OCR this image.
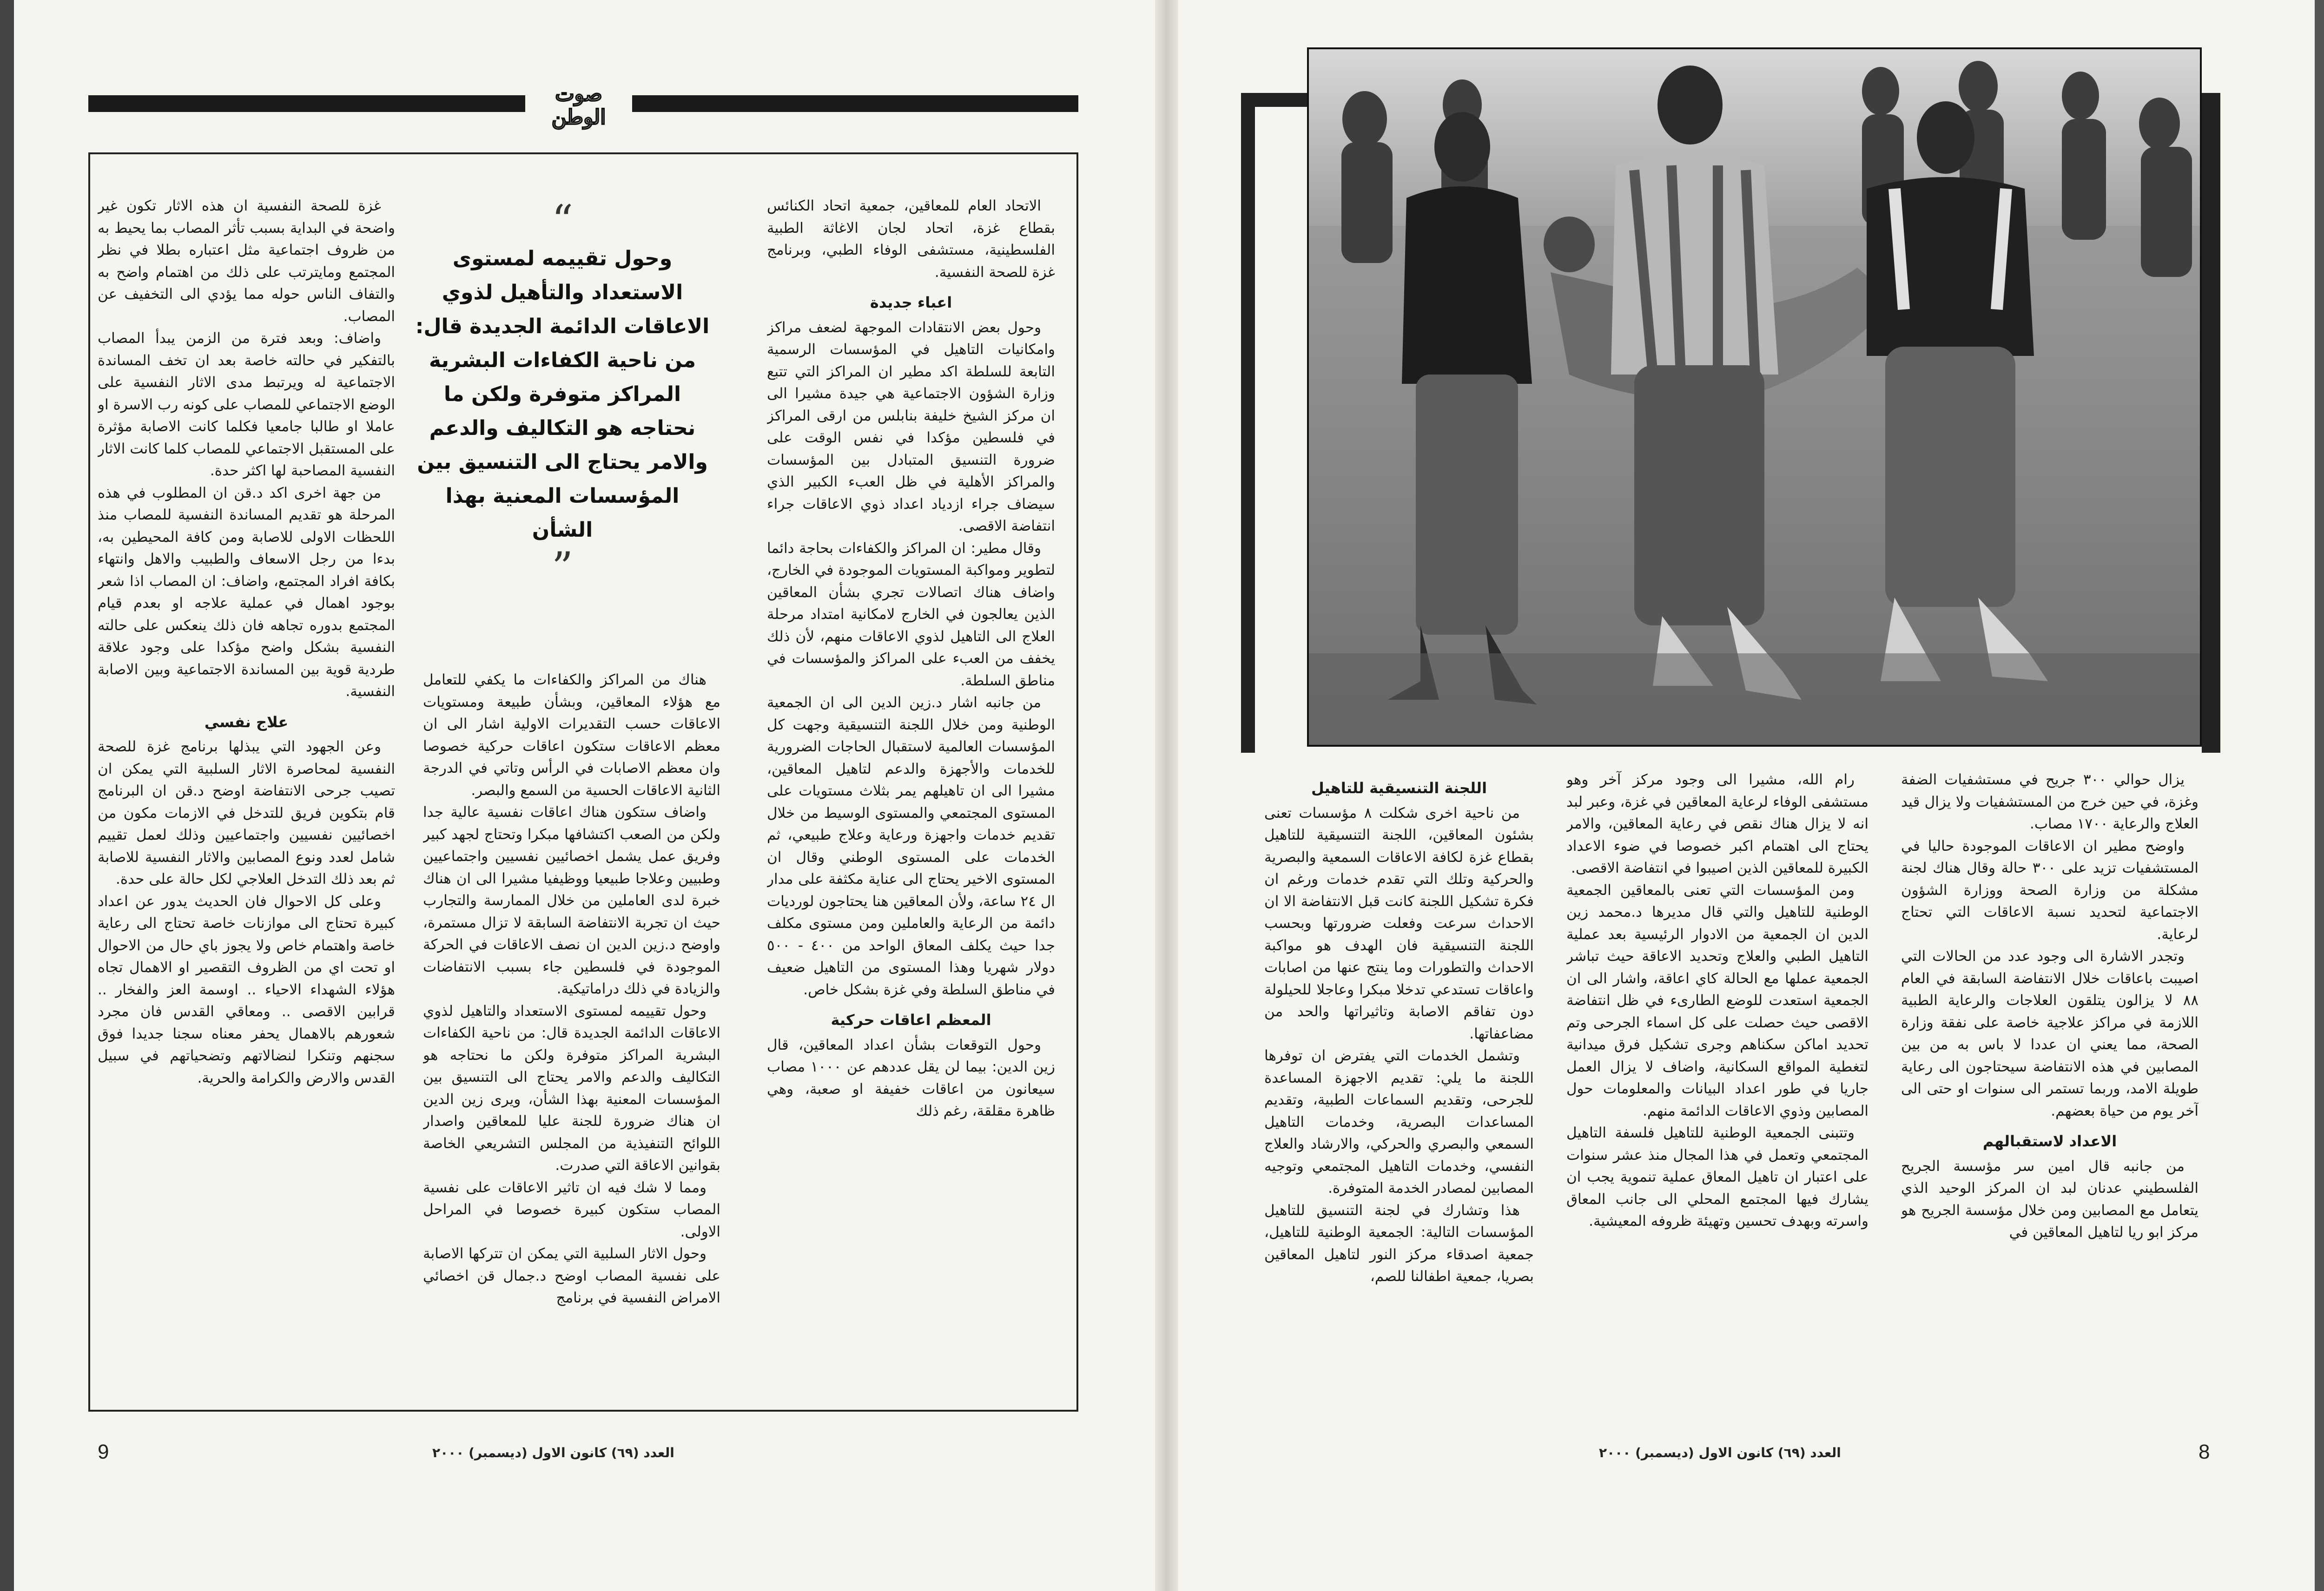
صوت
الوطن

الاتحاد العام للمعاقين، جمعية اتحاد الكنائس بقطاع غزة، اتحاد لجان الاغاثة الطبية الفلسطينية، مستشفى الوفاء الطبي، وبرنامج غزة للصحة النفسية.

اعباء جديدة

وحول بعض الانتقادات الموجهة لضعف مراكز وامكانيات التاهيل في المؤسسات الرسمية التابعة للسلطة اكد مطير ان المراكز التي تتبع وزارة الشؤون الاجتماعية هي جيدة مشيرا الى ان مركز الشيخ خليفة بنابلس من ارقى المراكز في فلسطين مؤكدا في نفس الوقت على ضرورة التنسيق المتبادل بين المؤسسات والمراكز الأهلية في ظل العبء الكبير الذي سيضاف جراء ازدياد اعداد ذوي الاعاقات جراء انتفاضة الاقصى.

وقال مطير: ان المراكز والكفاءات بحاجة دائما لتطوير ومواكبة المستويات الموجودة في الخارج، واضاف هناك اتصالات تجري بشأن المعاقين الذين يعالجون في الخارج لامكانية امتداد مرحلة العلاج الى التاهيل لذوي الاعاقات منهم، لأن ذلك يخفف من العبء على المراكز والمؤسسات في مناطق السلطة.

من جانبه اشار د.زين الدين الى ان الجمعية الوطنية ومن خلال اللجنة التنسيقية وجهت كل المؤسسات العالمية لاستقبال الحاجات الضرورية للخدمات والأجهزة والدعم لتاهيل المعاقين، مشيرا الى ان تاهيلهم يمر بثلاث مستويات على المستوى المجتمعي والمستوى الوسيط من خلال تقديم خدمات واجهزة ورعاية وعلاج طبيعي، ثم الخدمات على المستوى الوطني وقال ان المستوى الاخير يحتاج الى عناية مكثفة على مدار ال ٢٤ ساعة، ولأن المعاقين هنا يحتاجون لورديات دائمة من الرعاية والعاملين ومن مستوى مكلف جدا حيث يكلف المعاق الواحد من ٤٠٠ - ٥٠٠ دولار شهريا وهذا المستوى من التاهيل ضعيف في مناطق السلطة وفي غزة بشكل خاص.

المعظم اعاقات حركية

وحول التوقعات بشأن اعداد المعاقين، قال زين الدين: بيما لن يقل عددهم عن ١٠٠٠ مصاب سيعانون من اعاقات خفيفة او صعبة، وهي ظاهرة مقلقة، رغم ذلك

“
وحول تقييمه لمستوى الاستعداد والتأهيل لذوي الاعاقات الدائمة الجديدة قال: من ناحية الكفاءات البشرية المراكز متوفرة ولكن ما نحتاجه هو التكاليف والدعم والامر يحتاج الى التنسيق بين المؤسسات المعنية بهذا الشأن
”

هناك من المراكز والكفاءات ما يكفي للتعامل مع هؤلاء المعاقين، وبشأن طبيعة ومستويات الاعاقات حسب التقديرات الاولية اشار الى ان معظم الاعاقات ستكون اعاقات حركية خصوصا وان معظم الاصابات في الرأس وتاتي في الدرجة الثانية الاعاقات الحسية من السمع والبصر.

واضاف ستكون هناك اعاقات نفسية عالية جدا ولكن من الصعب اكتشافها مبكرا وتحتاج لجهد كبير وفريق عمل يشمل اخصائيين نفسيين واجتماعيين وطبيين وعلاجا طبيعيا ووظيفيا مشيرا الى ان هناك خبرة لدى العاملين من خلال الممارسة والتجارب حيث ان تجربة الانتفاضة السابقة لا تزال مستمرة، واوضح د.زين الدين ان نصف الاعاقات في الحركة الموجودة في فلسطين جاء بسبب الانتفاضات والزيادة في ذلك دراماتيكية.

وحول تقييمه لمستوى الاستعداد والتاهيل لذوي الاعاقات الدائمة الجديدة قال: من ناحية الكفاءات البشرية المراكز متوفرة ولكن ما نحتاجه هو التكاليف والدعم والامر يحتاج الى التنسيق بين المؤسسات المعنية بهذا الشأن، ويرى زين الدين ان هناك ضرورة للجنة عليا للمعاقين واصدار اللوائح التنفيذية من المجلس التشريعي الخاصة بقوانين الاعاقة التي صدرت.

ومما لا شك فيه ان تاثير الاعاقات على نفسية المصاب ستكون كبيرة خصوصا في المراحل الاولى.

وحول الاثار السلبية التي يمكن ان تتركها الاصابة على نفسية المصاب اوضح د.جمال قن اخصائي الامراض النفسية في برنامج

غزة للصحة النفسية ان هذه الاثار تكون غير واضحة في البداية بسبب تأثر المصاب بما يحيط به من ظروف اجتماعية مثل اعتباره بطلا في نظر المجتمع ومايترتب على ذلك من اهتمام واضح به والتفاف الناس حوله مما يؤدي الى التخفيف عن المصاب.

واضاف: وبعد فترة من الزمن يبدأ المصاب بالتفكير في حالته خاصة بعد ان تخف المساندة الاجتماعية له ويرتبط مدى الاثار النفسية على الوضع الاجتماعي للمصاب على كونه رب الاسرة او عاملا او طالبا جامعيا فكلما كانت الاصابة مؤثرة على المستقبل الاجتماعي للمصاب كلما كانت الاثار النفسية المصاحبة لها اكثر حدة.

من جهة اخرى اكد د.قن ان المطلوب في هذه المرحلة هو تقديم المساندة النفسية للمصاب منذ اللحظات الاولى للاصابة ومن كافة المحيطين به، بدءا من رجل الاسعاف والطبيب والاهل وانتهاء بكافة افراد المجتمع، واضاف: ان المصاب اذا شعر بوجود اهمال في عملية علاجه او بعدم قيام المجتمع بدوره تجاهه فان ذلك ينعكس على حالته النفسية بشكل واضح مؤكدا على وجود علاقة طردية قوية بين المساندة الاجتماعية وبين الاصابة النفسية.

علاج نفسي

وعن الجهود التي يبذلها برنامج غزة للصحة النفسية لمحاصرة الاثار السلبية التي يمكن ان تصيب جرحى الانتفاضة اوضح د.قن ان البرنامج قام بتكوين فريق للتدخل في الازمات مكون من اخصائيين نفسيين واجتماعيين وذلك لعمل تقييم شامل لعدد ونوع المصابين والاثار النفسية للاصابة ثم بعد ذلك التدخل العلاجي لكل حالة على حدة.

وعلى كل الاحوال فان الحديث يدور عن اعداد كبيرة تحتاج الى موازنات خاصة تحتاج الى رعاية خاصة واهتمام خاص ولا يجوز باي حال من الاحوال او تحت اي من الظروف التقصير او الاهمال تجاه هؤلاء الشهداء الاحياء .. اوسمة العز والفخار .. قرابين الاقصى .. ومعاقي القدس فان مجرد شعورهم بالاهمال يحفر معناه سجنا جديدا فوق سجنهم وتنكرا لنضالاتهم وتضحياتهم في سبيل القدس والارض والكرامة والحرية.

9	العدد (٦٩) كانون الاول (ديسمبر) ٢٠٠٠
اللجنة التنسيقية للتاهيل

من ناحية اخرى شكلت ٨ مؤسسات تعنى بشئون المعاقين، اللجنة التنسيقية للتاهيل بقطاع غزة لكافة الاعاقات السمعية والبصرية والحركية وتلك التي تقدم خدمات ورغم ان فكرة تشكيل اللجنة كانت قبل الانتفاضة الا ان الاحداث سرعت وفعلت ضرورتها وبحسب اللجنة التنسيقية فان الهدف هو مواكبة الاحداث والتطورات وما ينتج عنها من اصابات واعاقات تستدعي تدخلا مبكرا وعاجلا للحيلولة دون تفاقم الاصابة وتاثيراتها والحد من مضاعفاتها.

وتشمل الخدمات التي يفترض ان توفرها اللجنة ما يلي: تقديم الاجهزة المساعدة للجرحى، وتقديم السماعات الطبية، وتقديم المساعدات البصرية، وخدمات التاهيل السمعي والبصري والحركي، والارشاد والعلاج النفسي، وخدمات التاهيل المجتمعي وتوجيه المصابين لمصادر الخدمة المتوفرة.

هذا وتشارك في لجنة التنسيق للتاهيل المؤسسات التالية: الجمعية الوطنية للتاهيل، جمعية اصدقاء مركز النور لتاهيل المعاقين بصريا، جمعية اطفالنا للصم،

رام الله، مشيرا الى وجود مركز آخر وهو مستشفى الوفاء لرعاية المعاقين في غزة، وعبر لبد انه لا يزال هناك نقص في رعاية المعاقين، والامر يحتاج الى اهتمام اكبر خصوصا في ضوء الاعداد الكبيرة للمعاقين الذين اصيبوا في انتفاضة الاقصى.

ومن المؤسسات التي تعنى بالمعاقين الجمعية الوطنية للتاهيل والتي قال مديرها د.محمد زين الدين ان الجمعية من الادوار الرئيسية بعد عملية التاهيل الطبي والعلاج وتحديد الاعاقة حيث تباشر الجمعية عملها مع الحالة كاي اعاقة، واشار الى ان الجمعية استعدت للوضع الطارىء في ظل انتفاضة الاقصى حيث حصلت على كل اسماء الجرحى وتم تحديد اماكن سكناهم وجرى تشكيل فرق ميدانية لتغطية المواقع السكانية، واضاف لا يزال العمل جاريا في طور اعداد البيانات والمعلومات حول المصابين وذوي الاعاقات الدائمة منهم.

وتتبنى الجمعية الوطنية للتاهيل فلسفة التاهيل المجتمعي وتعمل في هذا المجال منذ عشر سنوات على اعتبار ان تاهيل المعاق عملية تنموية يجب ان يشارك فيها المجتمع المحلي الى جانب المعاق واسرته وبهدف تحسين وتهيئة ظروفه المعيشية.

يزال حوالي ٣٠٠ جريح في مستشفيات الضفة وغزة، في حين خرج من المستشفيات ولا يزال قيد العلاج والرعاية ١٧٠٠ مصاب.

واوضح مطير ان الاعاقات الموجودة حاليا في المستشفيات تزيد على ٣٠٠ حالة وقال هناك لجنة مشكلة من وزارة الصحة ووزارة الشؤون الاجتماعية لتحديد نسبة الاعاقات التي تحتاج لرعاية.

وتجدر الاشارة الى وجود عدد من الحالات التي اصيبت باعاقات خلال الانتفاضة السابقة في العام ٨٨ لا يزالون يتلقون العلاجات والرعاية الطبية اللازمة في مراكز علاجية خاصة على نفقة وزارة الصحة، مما يعني ان عددا لا باس به من بين المصابين في هذه الانتفاضة سيحتاجون الى رعاية طويلة الامد، وربما تستمر الى سنوات او حتى الى آخر يوم من حياة بعضهم.

الاعداد لاستقبالهم

من جانبه قال امين سر مؤسسة الجريح الفلسطيني عدنان لبد ان المركز الوحيد الذي يتعامل مع المصابين ومن خلال مؤسسة الجريح هو مركز ابو ريا لتاهيل المعاقين في

العدد (٦٩) كانون الاول (ديسمبر) ٢٠٠٠	8
